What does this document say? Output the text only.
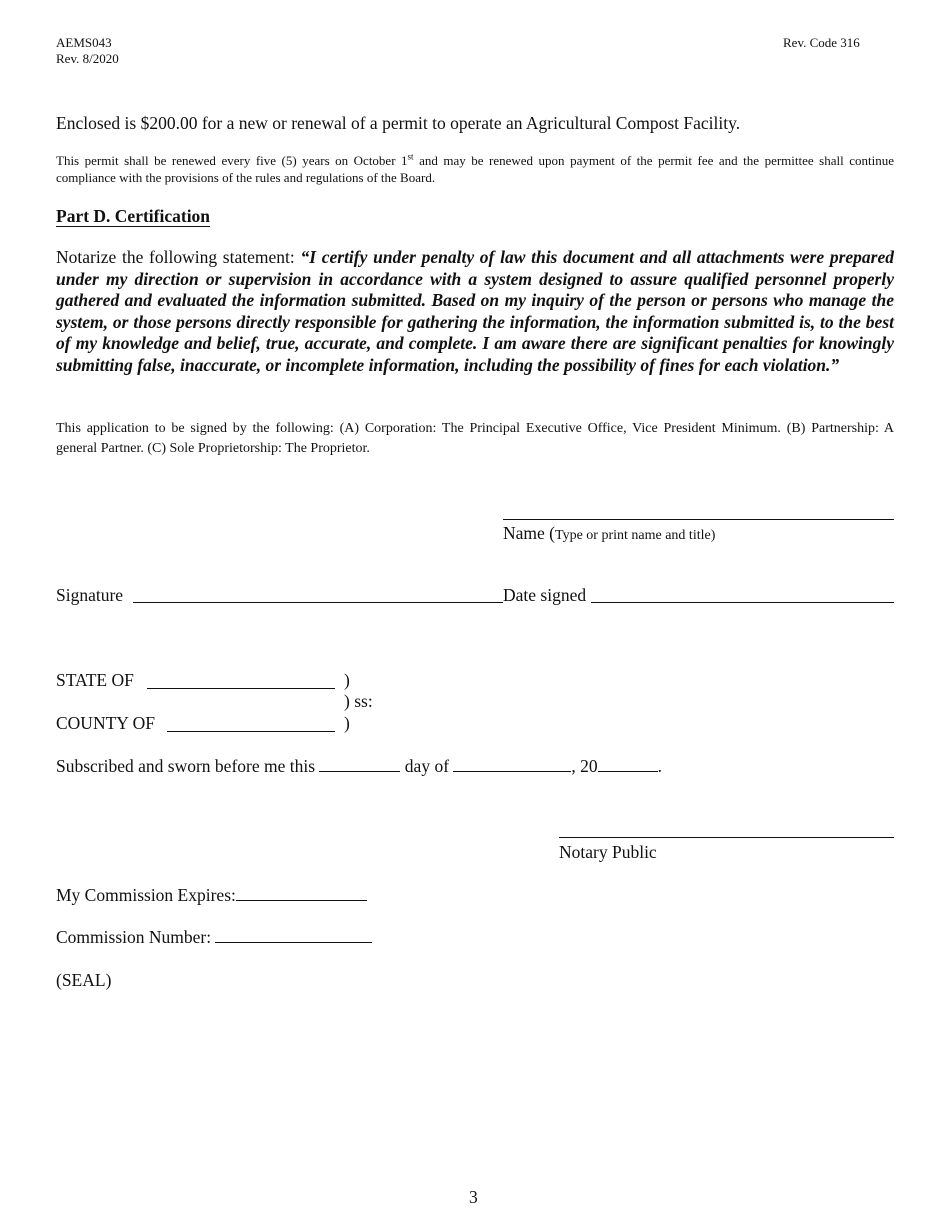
AEMS043
Rev. 8/2020
Rev. Code 316
Enclosed is $200.00 for a new or renewal of a permit to operate an Agricultural Compost Facility.
This permit shall be renewed every five (5) years on October 1st and may be renewed upon payment of the permit fee and the permittee shall continue compliance with the provisions of the rules and regulations of the Board.
Part D. Certification
Notarize the following statement: “I certify under penalty of law this document and all attachments were prepared under my direction or supervision in accordance with a system designed to assure qualified personnel properly gathered and evaluated the information submitted. Based on my inquiry of the person or persons who manage the system, or those persons directly responsible for gathering the information, the information submitted is, to the best of my knowledge and belief, true, accurate, and complete. I am aware there are significant penalties for knowingly submitting false, inaccurate, or incomplete information, including the possibility of fines for each violation.”
This application to be signed by the following: (A) Corporation: The Principal Executive Office, Vice President Minimum. (B) Partnership: A general Partner. (C) Sole Proprietorship: The Proprietor.
Name (Type or print name and title)
Signature	Date signed
STATE OF	)
) ss:
COUNTY OF	)
Subscribed and sworn before me this	day of	, 20	.
Notary Public
My Commission Expires:
Commission Number:
(SEAL)
3
